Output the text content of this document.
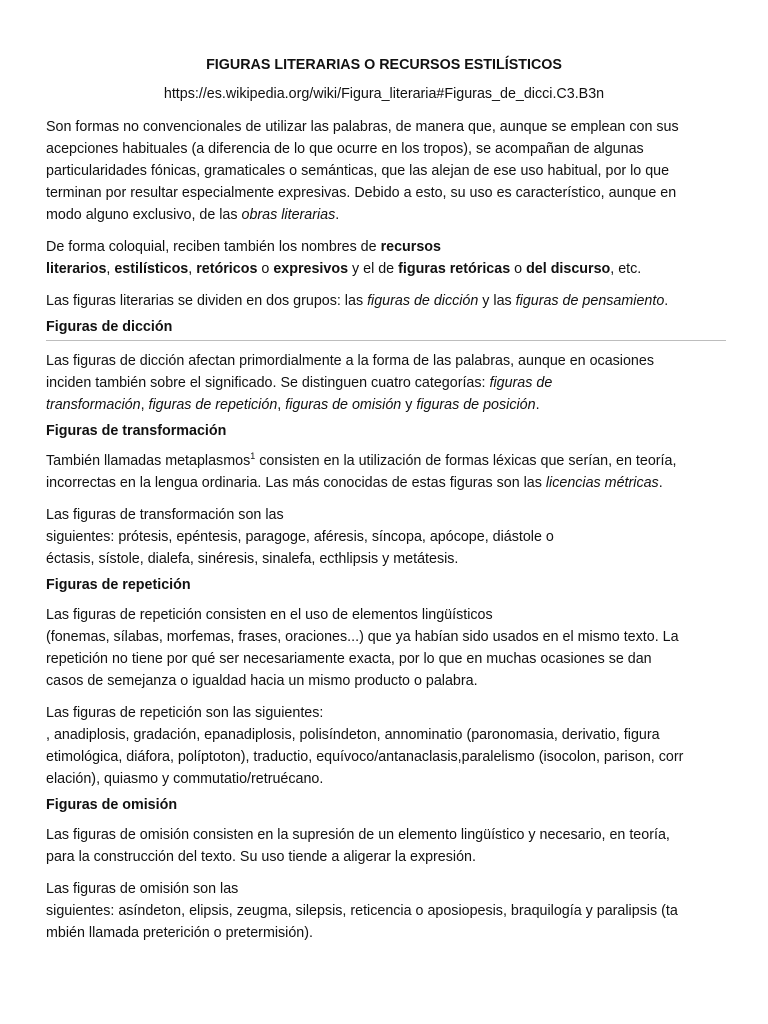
FIGURAS LITERARIAS O RECURSOS ESTILÍSTICOS
https://es.wikipedia.org/wiki/Figura_literaria#Figuras_de_dicci.C3.B3n

Son formas no convencionales de utilizar las palabras, de manera que, aunque se emplean con sus
acepciones habituales (a diferencia de lo que ocurre en los tropos), se acompañan de algunas
particularidades fónicas, gramaticales o semánticas, que las alejan de ese uso habitual, por lo que
terminan por resultar especialmente expresivas. Debido a esto, su uso es característico, aunque en
modo alguno exclusivo, de las obras literarias.

De forma coloquial, reciben también los nombres de recursos
literarios, estilísticos, retóricos o expresivos y el de figuras retóricas o del discurso, etc.

Las figuras literarias se dividen en dos grupos: las figuras de dicción y las figuras de pensamiento.

Figuras de dicción

Las figuras de dicción afectan primordialmente a la forma de las palabras, aunque en ocasiones
inciden también sobre el significado. Se distinguen cuatro categorías: figuras de
transformación, figuras de repetición, figuras de omisión y figuras de posición.

Figuras de transformación

También llamadas metaplasmos$^1$ consisten en la utilización de formas léxicas que serían, en teoría,
incorrectas en la lengua ordinaria. Las más conocidas de estas figuras son las licencias métricas.

Las figuras de transformación son las
siguientes: prótesis, epéntesis, paragoge, aféresis, síncopa, apócope, diástole o
éctasis, sístole, dialefa, sinéresis, sinalefa, ecthlipsis y metátesis.

Figuras de repetición

Las figuras de repetición consisten en el uso de elementos lingüísticos
(fonemas, sílabas, morfemas, frases, oraciones...) que ya habían sido usados en el mismo texto. La
repetición no tiene por qué ser necesariamente exacta, por lo que en muchas ocasiones se dan
casos de semejanza o igualdad hacia un mismo producto o palabra.

Las figuras de repetición son las siguientes:
, anadiplosis, gradación, epanadiplosis, polisíndeton, annominatio (paronomasia, derivatio, figura
etimológica, diáfora, políptoton), traductio, equívoco/antanaclasis,paralelismo (isocolon, parison, corr
elación), quiasmo y commutatio/retruécano.

Figuras de omisión

Las figuras de omisión consisten en la supresión de un elemento lingüístico y necesario, en teoría,
para la construcción del texto. Su uso tiende a aligerar la expresión.

Las figuras de omisión son las
siguientes: asíndeton, elipsis, zeugma, silepsis, reticencia o aposiopesis, braquilogía y paralipsis (ta
mbién llamada preterición o pretermisión).
